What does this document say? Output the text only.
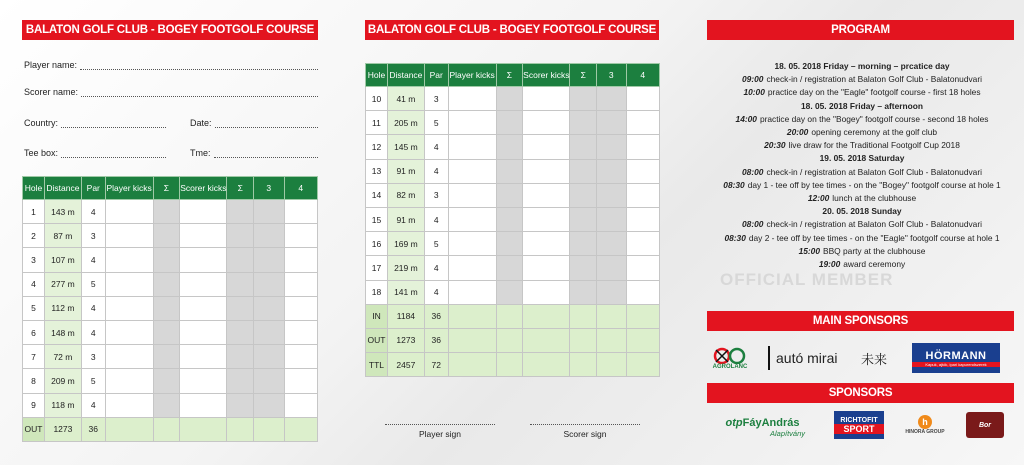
BALATON GOLF CLUB - BOGEY FOOTGOLF COURSE
Player name:
Scorer name:
Country:	Date:
Tee box:	Tme:
Hole	Distance	Par	Player kicks	Σ	Scorer kicks	Σ	3	4
1	143 m	4						
2	87 m	3						
3	107 m	4						
4	277 m	5						
5	112 m	4						
6	148 m	4						
7	72 m	3						
8	209 m	5						
9	118 m	4						
OUT	1273	36						
BALATON GOLF CLUB - BOGEY FOOTGOLF COURSE
Hole	Distance	Par	Player kicks	Σ	Scorer kicks	Σ	3	4
10	41 m	3						
11	205 m	5						
12	145 m	4						
13	91 m	4						
14	82 m	3						
15	91 m	4						
16	169 m	5						
17	219 m	4						
18	141 m	4						
IN	1184	36						
OUT	1273	36						
TTL	2457	72						
Player sign	Scorer sign
OFFICIAL MEMBER
PROGRAM
18. 05. 2018 Friday – morning – prcatice day
09:00 check-in / registration at Balaton Golf Club - Balatonudvari
10:00 practice day on the "Eagle" footgolf course - first 18 holes
18. 05. 2018 Friday – afternoon
14:00 practice day on the "Bogey" footgolf course - second 18 holes
20:00 opening ceremony at the golf club
20:30 live draw for the Traditional Footgolf Cup 2018
19. 05. 2018 Saturday
08:00 check-in / registration at Balaton Golf Club - Balatonudvari
08:30 day 1 - tee off by tee times - on the "Bogey" footgolf course at hole 1
12:00 lunch at the clubhouse
20. 05. 2018 Sunday
08:00 check-in / registration at Balaton Golf Club - Balatonudvari
08:30 day 2 - tee off by tee times - on the "Eagle" footgolf course at hole 1
15:00 BBQ party at the clubhouse
19:00 award ceremony
MAIN SPONSORS
AGROLÁNC
autó mirai 未来	HÖRMANN
Kapuk, ajtók, ipari kapurendszerek
SPONSORS
otpFáyAndrás
Alapítvány
RICHTOFIT
SPORT
h
HINORA GROUP
Bor
